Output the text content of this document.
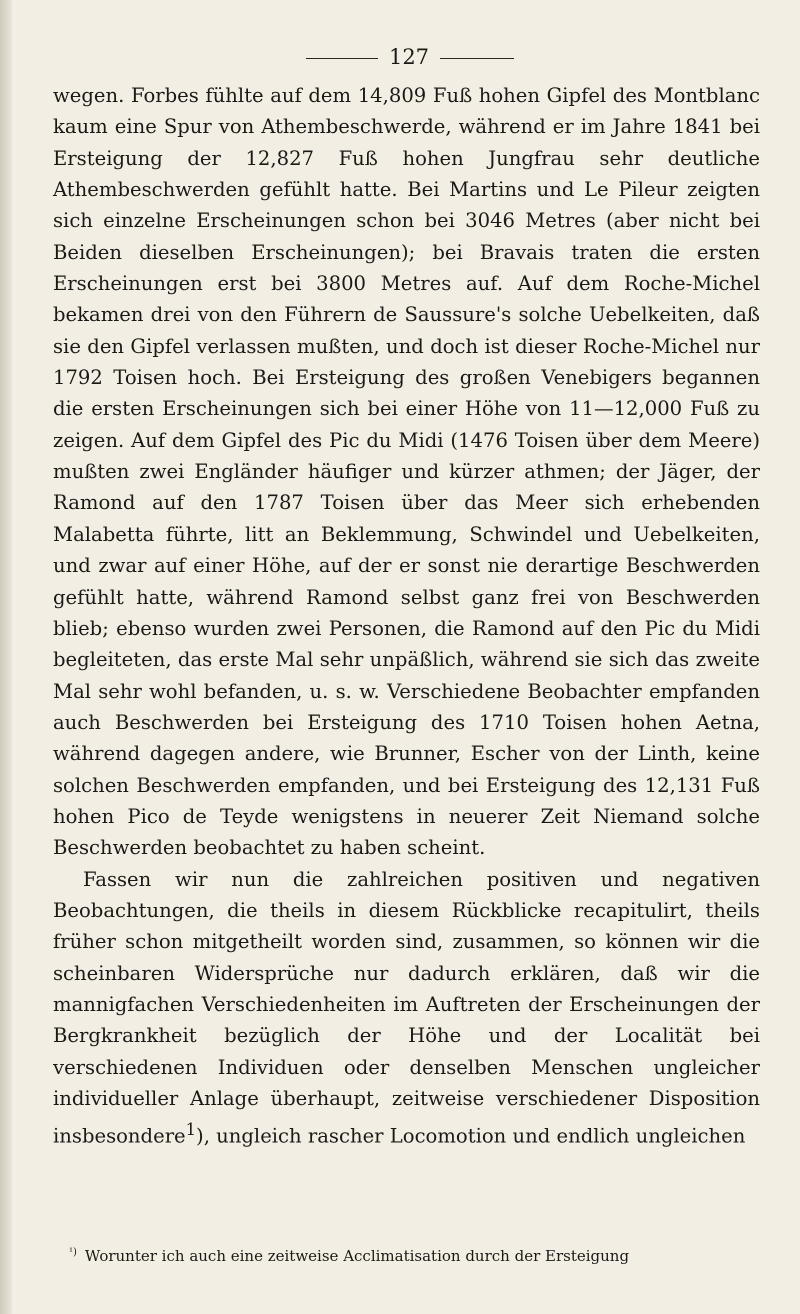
127

wegen. Forbes fühlte auf dem 14,809 Fuß hohen Gipfel des Montblanc kaum eine Spur von Athembeschwerde, während er im Jahre 1841 bei Ersteigung der 12,827 Fuß hohen Jungfrau sehr deutliche Athembeschwerden gefühlt hatte. Bei Martins und Le Pileur zeigten sich einzelne Erscheinungen schon bei 3046 Metres (aber nicht bei Beiden dieselben Erscheinungen); bei Bravais traten die ersten Erscheinungen erst bei 3800 Metres auf. Auf dem Roche-Michel bekamen drei von den Führern de Saussure's solche Uebelkeiten, daß sie den Gipfel verlassen mußten, und doch ist dieser Roche-Michel nur 1792 Toisen hoch. Bei Ersteigung des großen Venebigers begannen die ersten Erscheinungen sich bei einer Höhe von 11—12,000 Fuß zu zeigen. Auf dem Gipfel des Pic du Midi (1476 Toisen über dem Meere) mußten zwei Engländer häufiger und kürzer athmen; der Jäger, der Ramond auf den 1787 Toisen über das Meer sich erhebenden Malabetta führte, litt an Beklemmung, Schwindel und Uebelkeiten, und zwar auf einer Höhe, auf der er sonst nie derartige Beschwerden gefühlt hatte, während Ramond selbst ganz frei von Beschwerden blieb; ebenso wurden zwei Personen, die Ramond auf den Pic du Midi begleiteten, das erste Mal sehr unpäßlich, während sie sich das zweite Mal sehr wohl befanden, u. s. w. Verschiedene Beobachter empfanden auch Beschwerden bei Ersteigung des 1710 Toisen hohen Aetna, während dagegen andere, wie Brunner, Escher von der Linth, keine solchen Beschwerden empfanden, und bei Ersteigung des 12,131 Fuß hohen Pico de Teyde wenigstens in neuerer Zeit Niemand solche Beschwerden beobachtet zu haben scheint.

Fassen wir nun die zahlreichen positiven und negativen Beobachtungen, die theils in diesem Rückblicke recapitulirt, theils früher schon mitgetheilt worden sind, zusammen, so können wir die scheinbaren Widersprüche nur dadurch erklären, daß wir die mannigfachen Verschiedenheiten im Auftreten der Erscheinungen der Bergkrankheit bezüglich der Höhe und der Localität bei verschiedenen Individuen oder denselben Menschen ungleicher individueller Anlage überhaupt, zeitweise verschiedener Disposition insbesondere$^1$), ungleich rascher Locomotion und endlich ungleichen

$^{^1)}$ Worunter ich auch eine zeitweise Acclimatisation durch der Ersteigung
